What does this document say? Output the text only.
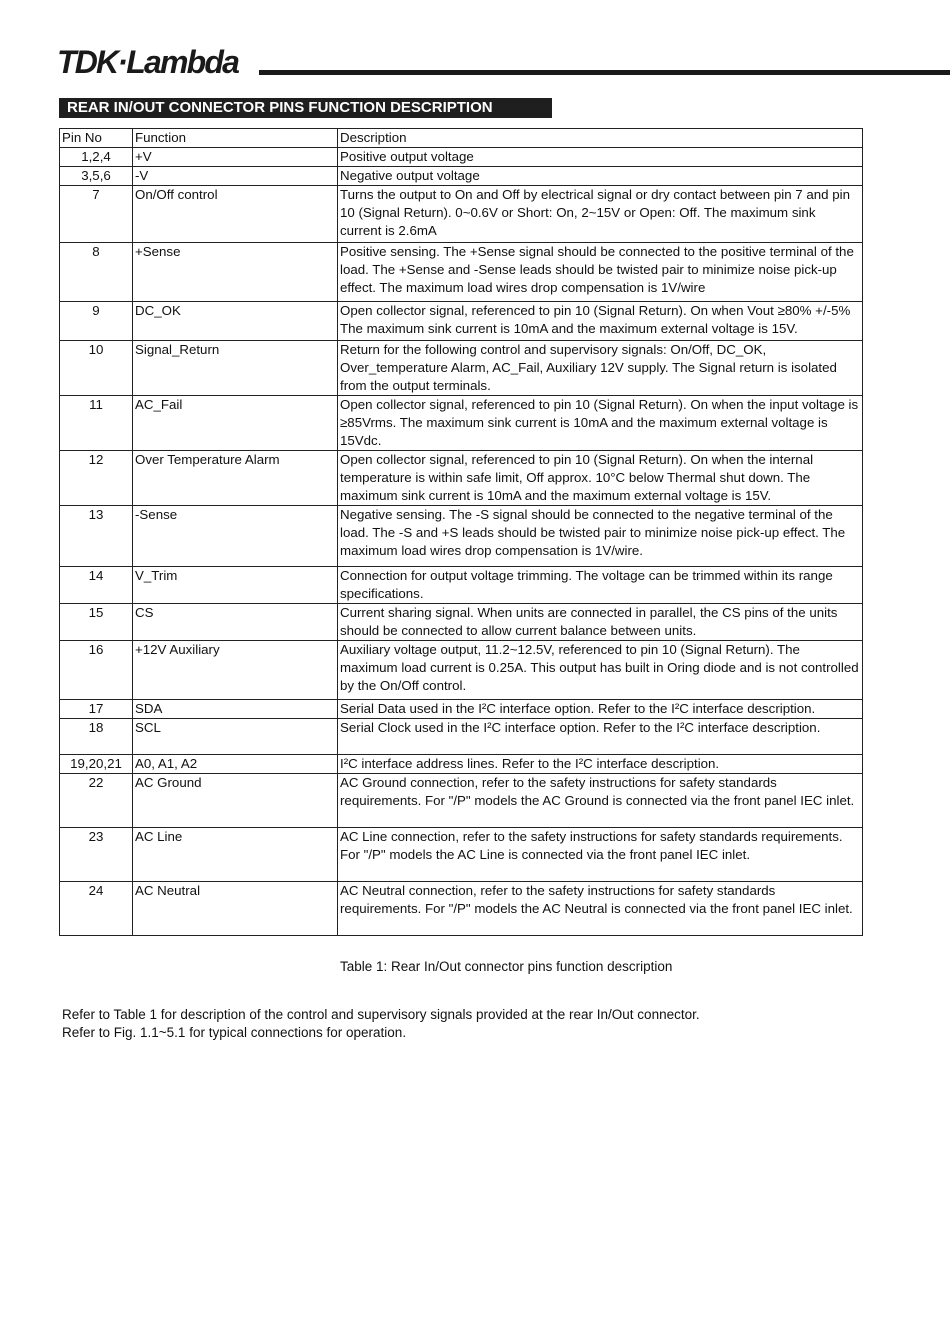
TDK·Lambda
REAR IN/OUT CONNECTOR PINS FUNCTION DESCRIPTION
Pin No	Function	Description
1,2,4	+V	Positive output voltage
3,5,6	-V	Negative output voltage
7	On/Off control	Turns the output to On and Off by electrical signal or dry contact between pin 7 and pin 10 (Signal Return). 0~0.6V or Short: On, 2~15V or Open: Off. The maximum sink current is 2.6mA
8	+Sense	Positive sensing. The +Sense signal should be connected to the positive terminal of the load. The +Sense and -Sense leads should be twisted pair to minimize noise pick-up effect. The maximum load wires drop compensation is 1V/wire
9	DC_OK	Open collector signal, referenced to pin 10 (Signal Return). On when Vout ≥80% +/-5% The maximum sink current is 10mA and the maximum external voltage is 15V.
10	Signal_Return	Return for the following control and supervisory signals: On/Off, DC_OK, Over_temperature Alarm, AC_Fail, Auxiliary 12V supply. The Signal return is isolated from the output terminals.
11	AC_Fail	Open collector signal, referenced to pin 10 (Signal Return). On when the input voltage is ≥85Vrms. The maximum sink current is 10mA and the maximum external voltage is 15Vdc.
12	Over Temperature Alarm	Open collector signal, referenced to pin 10 (Signal Return). On when the internal temperature is within safe limit, Off approx. 10°C below Thermal shut down. The maximum sink current is 10mA and the maximum external voltage is 15V.
13	-Sense	Negative sensing. The -S signal should be connected to the negative terminal of the load. The -S and +S leads should be twisted pair to minimize noise pick-up effect. The maximum load wires drop compensation is 1V/wire.
14	V_Trim	Connection for output voltage trimming. The voltage can be trimmed within its range specifications.
15	CS	Current sharing signal. When units are connected in parallel, the CS pins of the units should be connected to allow current balance between units.
16	+12V Auxiliary	Auxiliary voltage output, 11.2~12.5V, referenced to pin 10 (Signal Return). The maximum load current is 0.25A. This output has built in Oring diode and is not controlled by the On/Off control.
17	SDA	Serial Data used in the I²C interface option. Refer to the I²C interface description.
18	SCL	Serial Clock used in the I²C interface option. Refer to the I²C interface description.
19,20,21	A0, A1, A2	I²C interface address lines. Refer to the I²C interface description.
22	AC Ground	AC Ground connection, refer to the safety instructions for safety standards requirements. For "/P" models the AC Ground is connected via the front panel IEC inlet.
23	AC Line	AC Line connection, refer to the safety instructions for safety standards requirements. For "/P" models the AC Line is connected via the front panel IEC inlet.
24	AC Neutral	AC Neutral connection, refer to the safety instructions for safety standards requirements. For "/P" models the AC Neutral is connected via the front panel IEC inlet.
Table 1: Rear In/Out connector pins function description

Refer to Table 1 for description of the control and supervisory signals provided at the rear In/Out connector.

Refer to Fig. 1.1~5.1 for typical connections for operation.
